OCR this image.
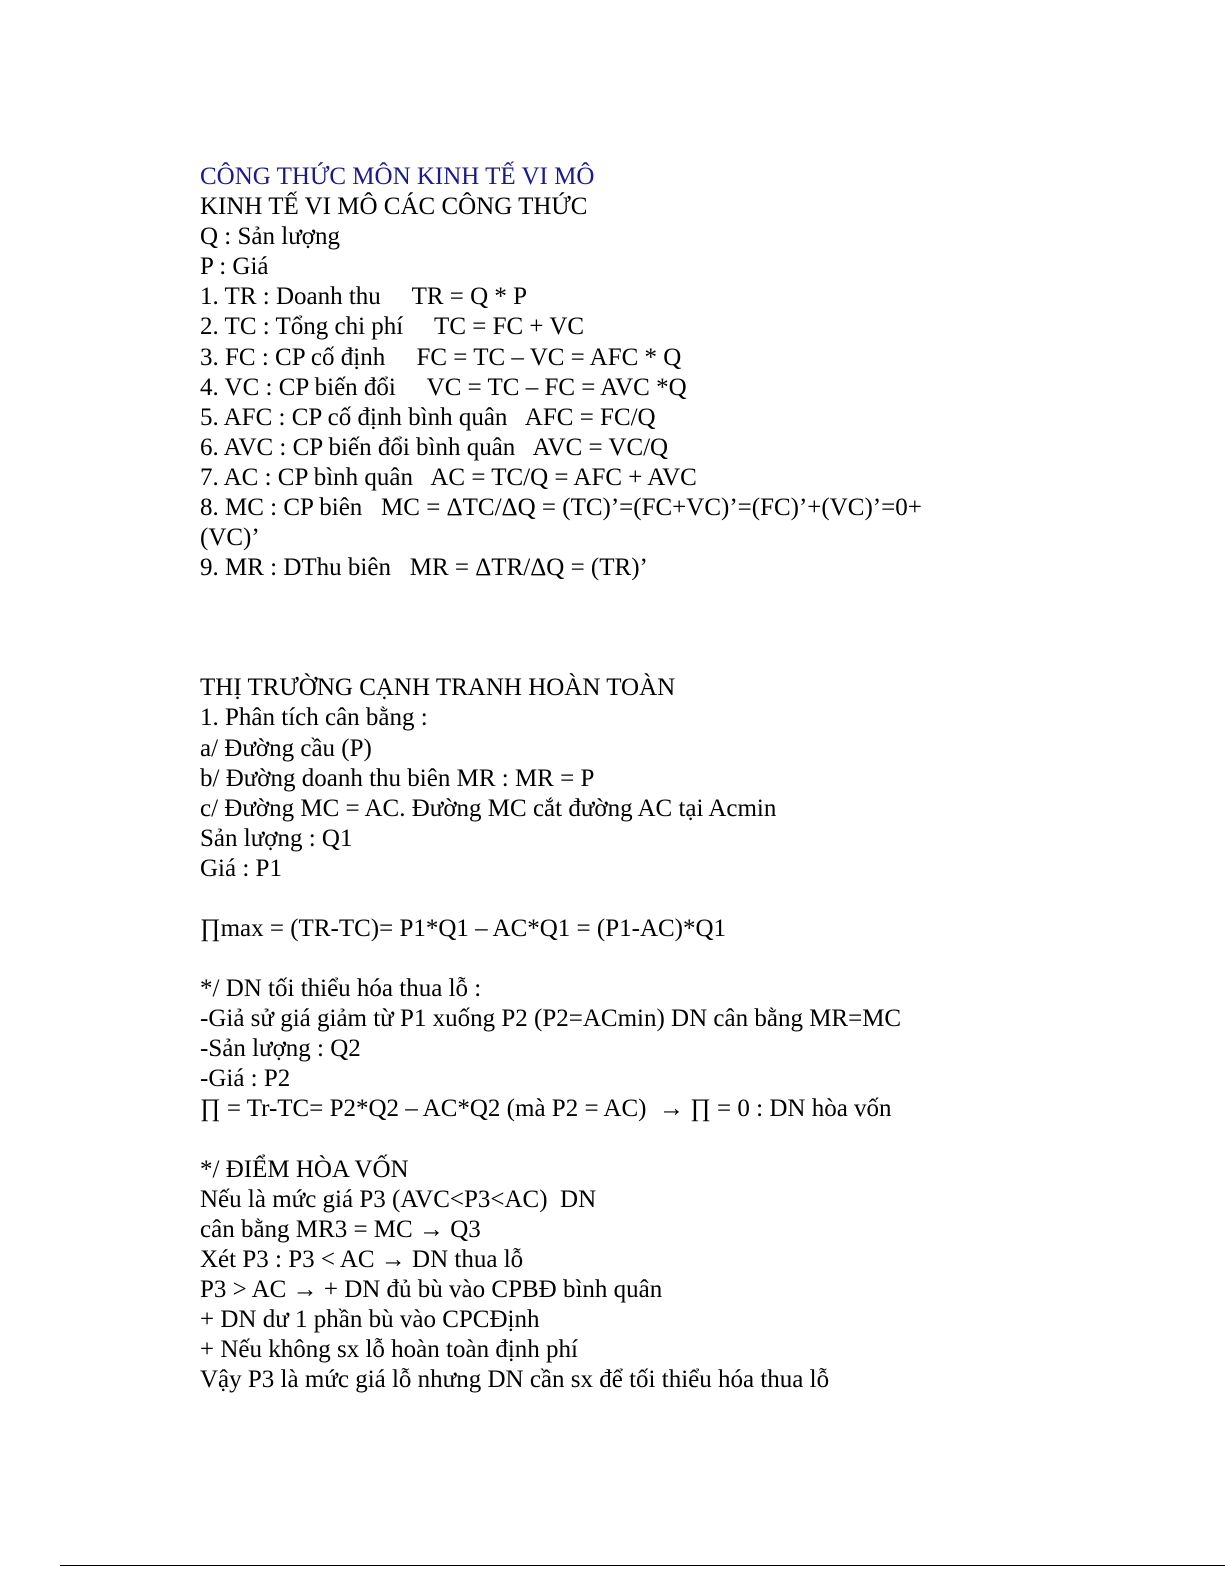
CÔNG THỨC MÔN KINH TẾ VI MÔ

KINH TẾ VI MÔ CÁC CÔNG THỨC

Q : Sản lượng

P : Giá

1. TR : Doanh thu     TR = Q * P

2. TC : Tổng chi phí     TC = FC + VC

3. FC : CP cố định     FC = TC – VC = AFC * Q

4. VC : CP biến đổi     VC = TC – FC = AVC *Q

5. AFC : CP cố định bình quân   AFC = FC/Q

6. AVC : CP biến đổi bình quân   AVC = VC/Q

7. AC : CP bình quân   AC = TC/Q = AFC + AVC

8. MC : CP biên   MC = ΔTC/ΔQ = (TC)’=(FC+VC)’=(FC)’+(VC)’=0+

(VC)’

9. MR : DThu biên   MR = ΔTR/ΔQ = (TR)’

THỊ TRƯỜNG CẠNH TRANH HOÀN TOÀN

1. Phân tích cân bằng :

a/ Đường cầu (P)

b/ Đường doanh thu biên MR : MR = P

c/ Đường MC = AC. Đường MC cắt đường AC tại Acmin

Sản lượng : Q1

Giá : P1

∏max = (TR-TC)= P1*Q1 – AC*Q1 = (P1-AC)*Q1

*/ DN tối thiểu hóa thua lỗ :

-Giả sử giá giảm từ P1 xuống P2 (P2=ACmin) DN cân bằng MR=MC

-Sản lượng : Q2

-Giá : P2

∏ = Tr-TC= P2*Q2 – AC*Q2 (mà P2 = AC)  → ∏ = 0 : DN hòa vốn

*/ ĐIỂM HÒA VỐN

Nếu là mức giá P3 (AVC<P3<AC)  DN

cân bằng MR3 = MC → Q3

Xét P3 : P3 < AC → DN thua lỗ

P3 > AC → + DN đủ bù vào CPBĐ bình quân

+ DN dư 1 phần bù vào CPCĐịnh

+ Nếu không sx lỗ hoàn toàn định phí

Vậy P3 là mức giá lỗ nhưng DN cần sx để tối thiểu hóa thua lỗ
